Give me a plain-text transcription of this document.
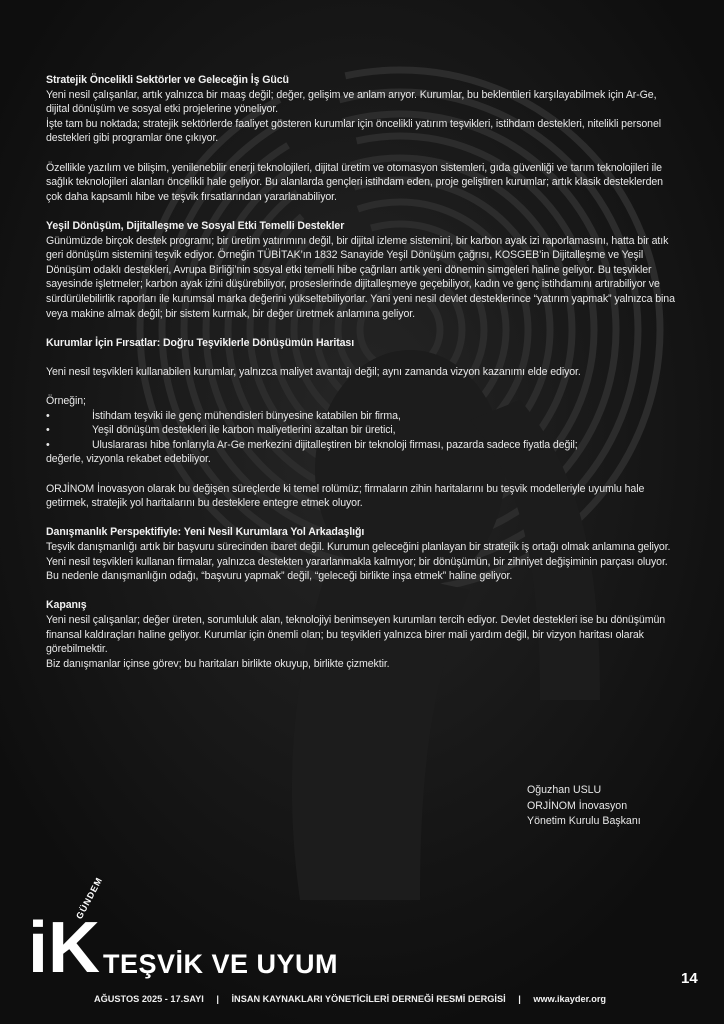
Stratejik Öncelikli Sektörler ve Geleceğin İş Gücü

Yeni nesil çalışanlar, artık yalnızca bir maaş değil; değer, gelişim ve anlam arıyor. Kurumlar, bu beklentileri karşılayabilmek için Ar-Ge, dijital dönüşüm ve sosyal etki projelerine yöneliyor.

İşte tam bu noktada; stratejik sektörlerde faaliyet gösteren kurumlar için öncelikli yatırım teşvikleri, istihdam destekleri, nitelikli personel destekleri gibi programlar öne çıkıyor.

Özellikle yazılım ve bilişim, yenilenebilir enerji teknolojileri, dijital üretim ve otomasyon sistemleri, gıda güvenliği ve tarım teknolojileri ile sağlık teknolojileri alanları öncelikli hale geliyor. Bu alanlarda gençleri istihdam eden, proje geliştiren kurumlar; artık klasik desteklerden çok daha kapsamlı hibe ve teşvik fırsatlarından yararlanabiliyor.

Yeşil Dönüşüm, Dijitalleşme ve Sosyal Etki Temelli Destekler

Günümüzde birçok destek programı; bir üretim yatırımını değil, bir dijital izleme sistemini, bir karbon ayak izi raporlamasını, hatta bir atık geri dönüşüm sistemini teşvik ediyor. Örneğin TÜBİTAK’ın 1832 Sanayide Yeşil Dönüşüm çağrısı, KOSGEB’in Dijitalleşme ve Yeşil Dönüşüm odaklı destekleri, Avrupa Birliği’nin sosyal etki temelli hibe çağrıları artık yeni dönemin simgeleri haline geliyor. Bu teşvikler sayesinde işletmeler; karbon ayak izini düşürebiliyor, proseslerinde dijitalleşmeye geçebiliyor, kadın ve genç istihdamını artırabiliyor ve sürdürülebilirlik raporları ile kurumsal marka değerini yükseltebiliyorlar. Yani yeni nesil devlet desteklerince “yatırım yapmak” yalnızca bina veya makine almak değil; bir sistem kurmak, bir değer üretmek anlamına geliyor.

Kurumlar İçin Fırsatlar: Doğru Teşviklerle Dönüşümün Haritası

Yeni nesil teşvikleri kullanabilen kurumlar, yalnızca maliyet avantajı değil; aynı zamanda vizyon kazanımı elde ediyor.

Örneğin;

•	İstihdam teşviki ile genç mühendisleri bünyesine katabilen bir firma,
•	Yeşil dönüşüm destekleri ile karbon maliyetlerini azaltan bir üretici,
•	Uluslararası hibe fonlarıyla Ar-Ge merkezini dijitalleştiren bir teknoloji firması, pazarda sadece fiyatla değil;

değerle, vizyonla rekabet edebiliyor.

ORJİNOM İnovasyon olarak bu değişen süreçlerde ki temel rolümüz; firmaların zihin haritalarını bu teşvik modelleriyle uyumlu hale getirmek, stratejik yol haritalarını bu desteklere entegre etmek oluyor.

Danışmanlık Perspektifiyle: Yeni Nesil Kurumlara Yol Arkadaşlığı

Teşvik danışmanlığı artık bir başvuru sürecinden ibaret değil. Kurumun geleceğini planlayan bir stratejik iş ortağı olmak anlamına geliyor. Yeni nesil teşvikleri kullanan firmalar, yalnızca destekten yararlanmakla kalmıyor; bir dönüşümün, bir zihniyet değişiminin parçası oluyor. Bu nedenle danışmanlığın odağı, “başvuru yapmak” değil, “geleceği birlikte inşa etmek” haline geliyor.

Kapanış

Yeni nesil çalışanlar; değer üreten, sorumluluk alan, teknolojiyi benimseyen kurumları tercih ediyor. Devlet destekleri ise bu dönüşümün finansal kaldıraçları haline geliyor. Kurumlar için önemli olan; bu teşvikleri yalnızca birer mali yardım değil, bir vizyon haritası olarak görebilmektir.

Biz danışmanlar içinse görev; bu haritaları birlikte okuyup, birlikte çizmektir.

Oğuzhan USLU
ORJİNOM İnovasyon
Yönetim Kurulu Başkanı
iK
GÜNDEM
TEŞVİK VE UYUM	14
AĞUSTOS 2025 - 17.SAYI | İNSAN KAYNAKLARI YÖNETİCİLERİ DERNEĞİ RESMİ DERGİSİ | www.ikayder.org
